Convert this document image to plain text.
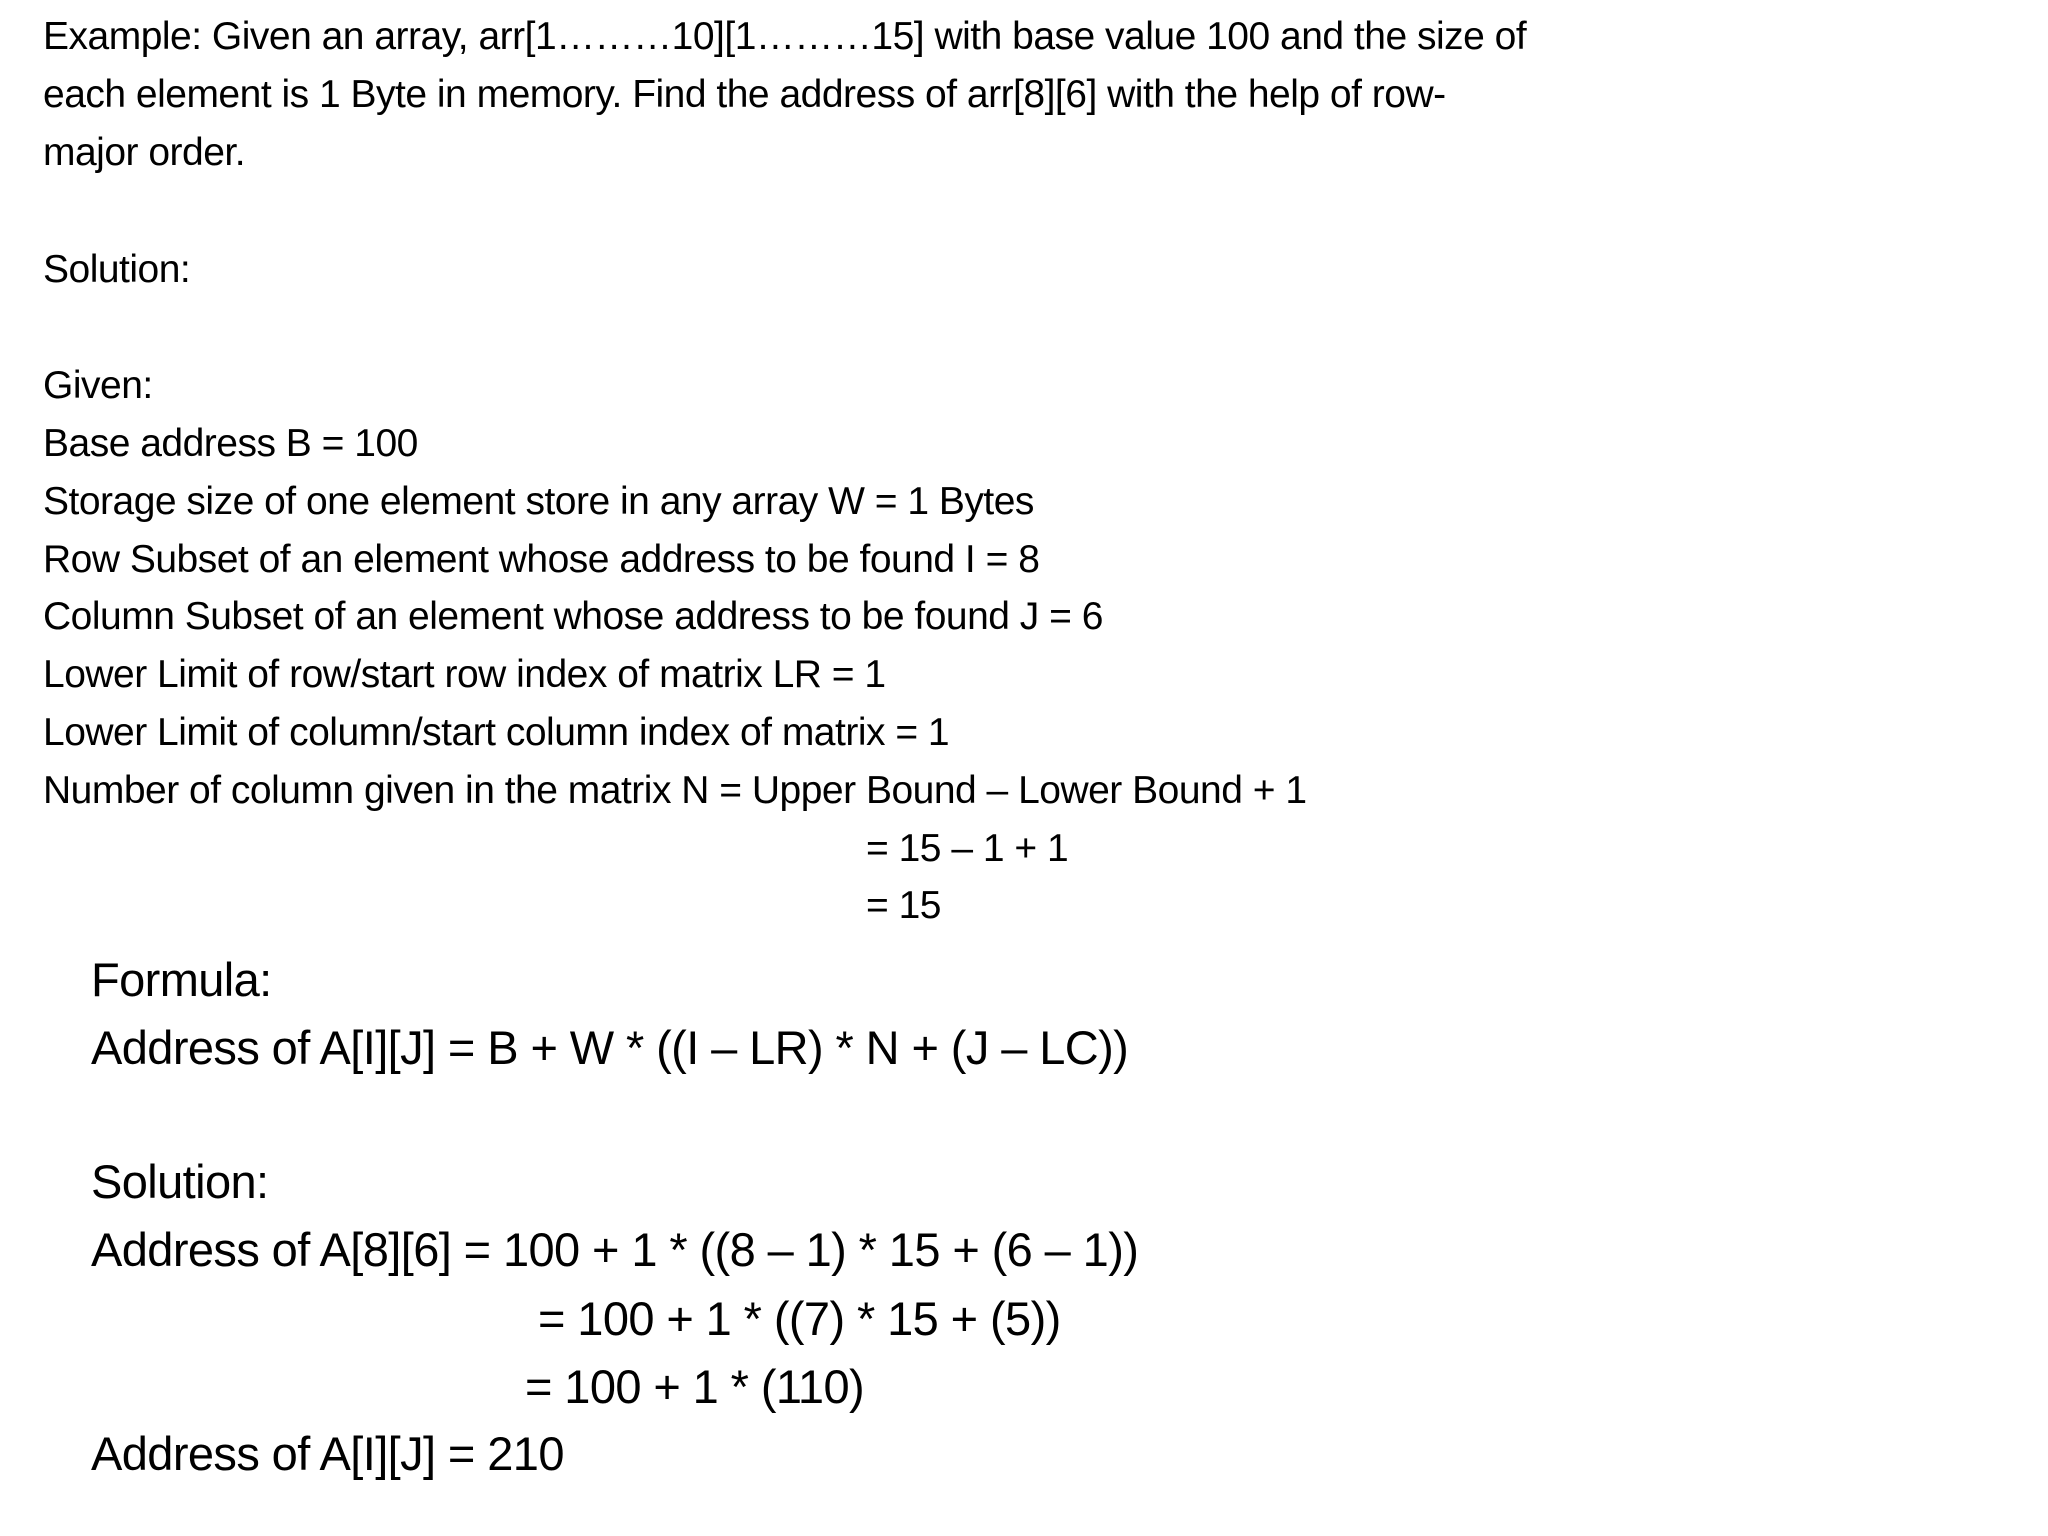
Example: Given an array, arr[1………10][1………15] with base value 100 and the size of
each element is 1 Byte in memory. Find the address of arr[8][6] with the help of row-
major order.
Solution:
Given:
Base address B = 100
Storage size of one element store in any array W = 1 Bytes
Row Subset of an element whose address to be found I = 8
Column Subset of an element whose address to be found J = 6
Lower Limit of row/start row index of matrix LR = 1
Lower Limit of column/start column index of matrix = 1
Number of column given in the matrix N = Upper Bound – Lower Bound + 1
= 15 – 1 + 1
= 15
Formula:
Address of A[I][J] = B + W * ((I – LR) * N + (J – LC))
Solution:
Address of A[8][6] = 100 + 1 * ((8 – 1) * 15 + (6 – 1))
= 100 + 1 * ((7) * 15 + (5))
= 100 + 1 * (110)
Address of A[I][J] = 210
